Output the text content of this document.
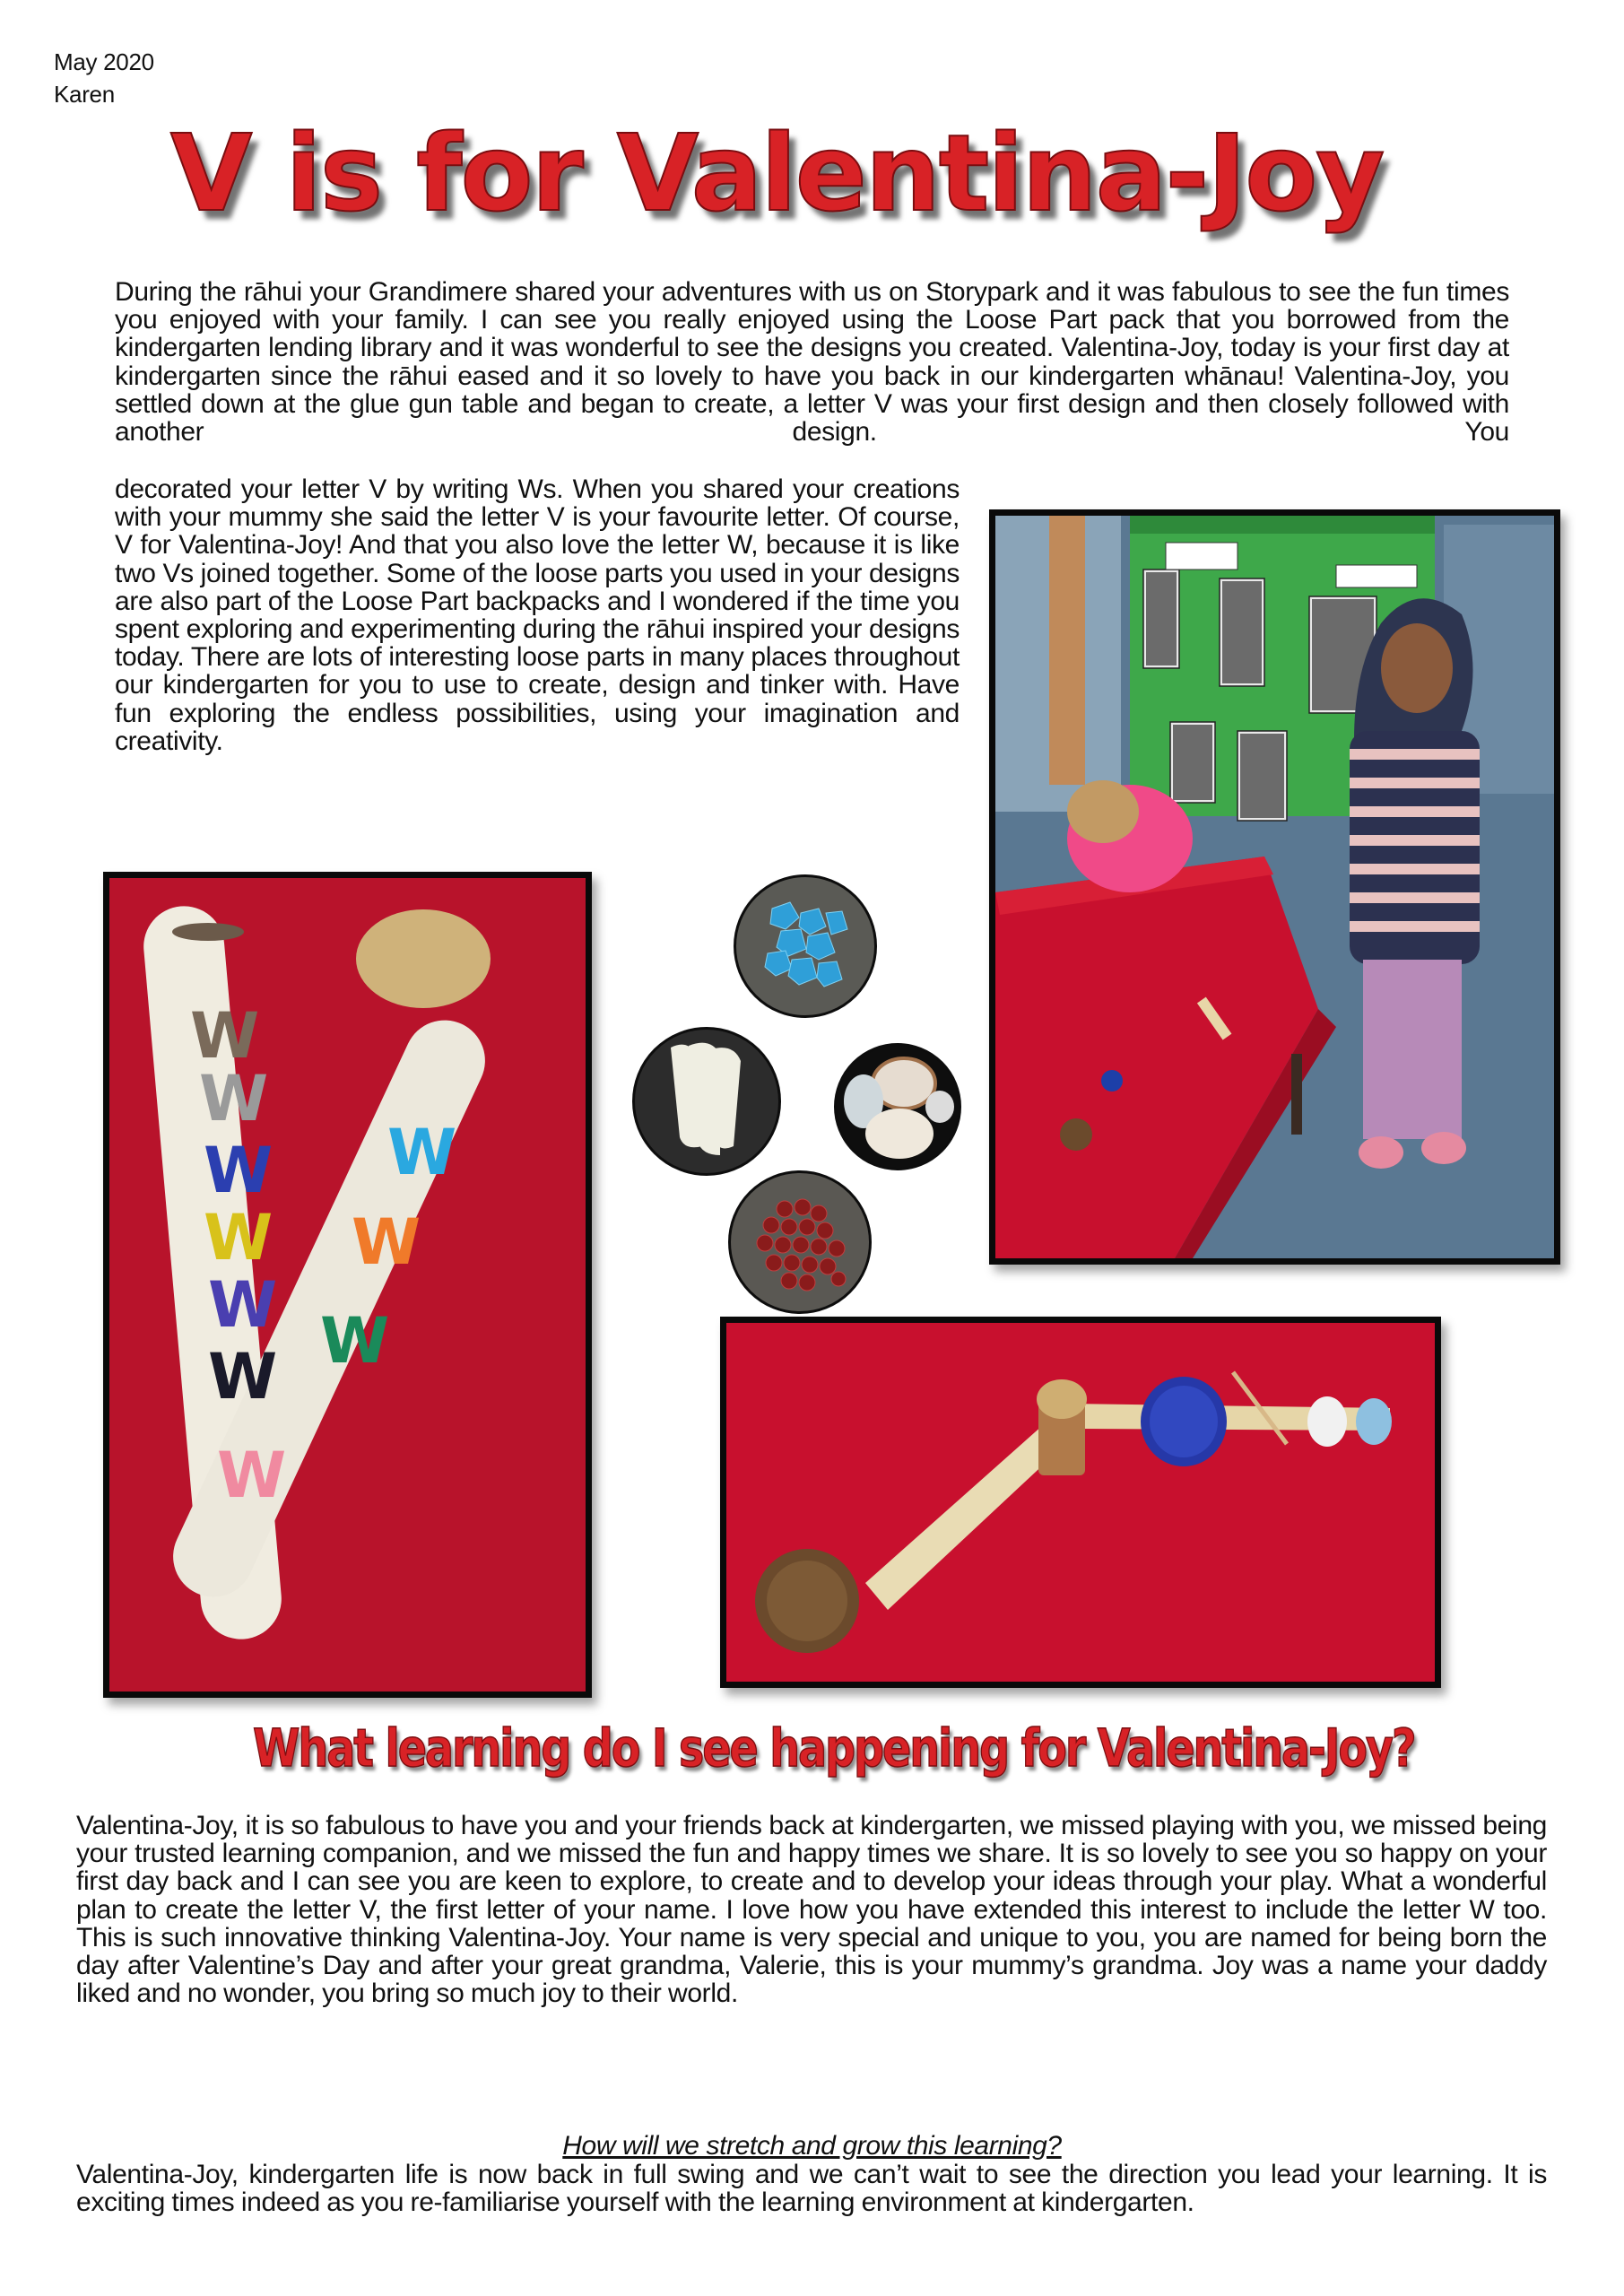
May 2020
Karen
V is for Valentina-Joy

During the rāhui your Grandimere shared your adventures with us on Storypark and it was fabulous to see the fun times you enjoyed with your family. I can see you really enjoyed using the Loose Part pack that you borrowed from the kindergarten lending library and it was wonderful to see the designs you created. Valentina-Joy, today is your first day at kindergarten since the rāhui eased and it so lovely to have you back in our kindergarten whānau! Valentina-Joy, you settled down at the glue gun table and began to create, a letter V was your first design and then closely followed with another design. You

decorated your letter V by writing Ws. When you shared your creations with your mummy she said the letter V is your favourite letter. Of course, V for Valentina-Joy! And that you also love the letter W, because it is like two Vs joined together. Some of the loose parts you used in your designs are also part of the Loose Part backpacks and I wondered if the time you spent exploring and experimenting during the rāhui inspired your designs today. There are lots of interesting loose parts in many places throughout our kindergarten for you to use to create, design and tinker with. Have fun exploring the endless possibilities, using your imagination and creativity.

W
W
W
W
W
W
W
W
W
W
What learning do I see happening for Valentina-Joy?

Valentina-Joy, it is so fabulous to have you and your friends back at kindergarten, we missed playing with you, we missed being your trusted learning companion, and we missed the fun and happy times we share. It is so lovely to see you so happy on your first day back and I can see you are keen to explore, to create and to develop your ideas through your play. What a wonderful plan to create the letter V, the first letter of your name. I love how you have extended this interest to include the letter W too. This is such innovative thinking Valentina-Joy. Your name is very special and unique to you, you are named for being born the day after Valentine’s Day and after your great grandma, Valerie, this is your mummy’s grandma. Joy was a name your daddy liked and no wonder, you bring so much joy to their world.

How will we stretch and grow this learning?

Valentina-Joy, kindergarten life is now back in full swing and we can’t wait to see the direction you lead your learning. It is exciting times indeed as you re-familiarise yourself with the learning environment at kindergarten.
